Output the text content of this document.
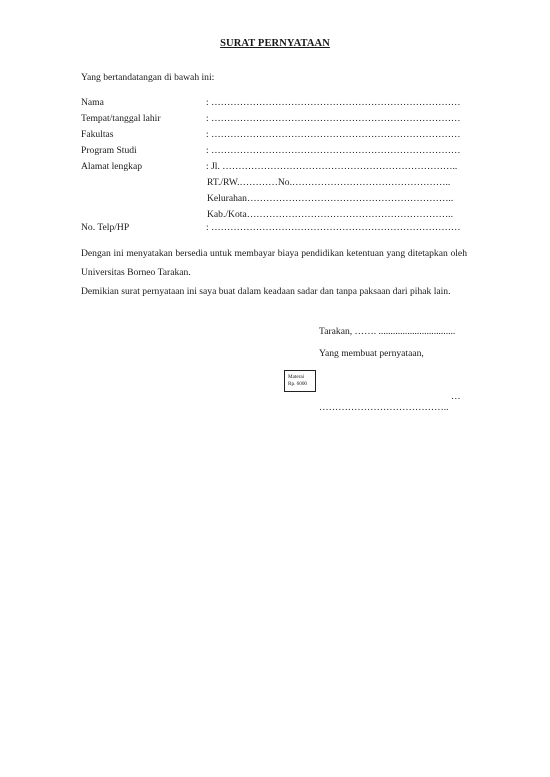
SURAT PERNYATAAN
Yang bertandatangan di bawah ini:
Nama	: ……………………………………………………………………
Tempat/tanggal lahir	: ……………………………………………………………………
Fakultas	: ……………………………………………………………………
Program Studi	: ……………………………………………………………………
Alamat lengkap	: Jl. ………………………………………………………………..
RT./RW.…………No.…………………………………………..
Kelurahan………………………………………………………..
Kab./Kota………………………………………………………..
No. Telp/HP	: ……………………………………………………………………
Dengan ini menyatakan bersedia untuk membayar biaya pendidikan ketentuan yang ditetapkan oleh Universitas Borneo Tarakan.
Demikian surat pernyataan ini saya buat dalam keadaan sadar dan tanpa paksaan dari pihak lain.
Tarakan, ……. ................................
Yang membuat pernyataan,
Materai
Rp. 6000
…
…………………………………..
